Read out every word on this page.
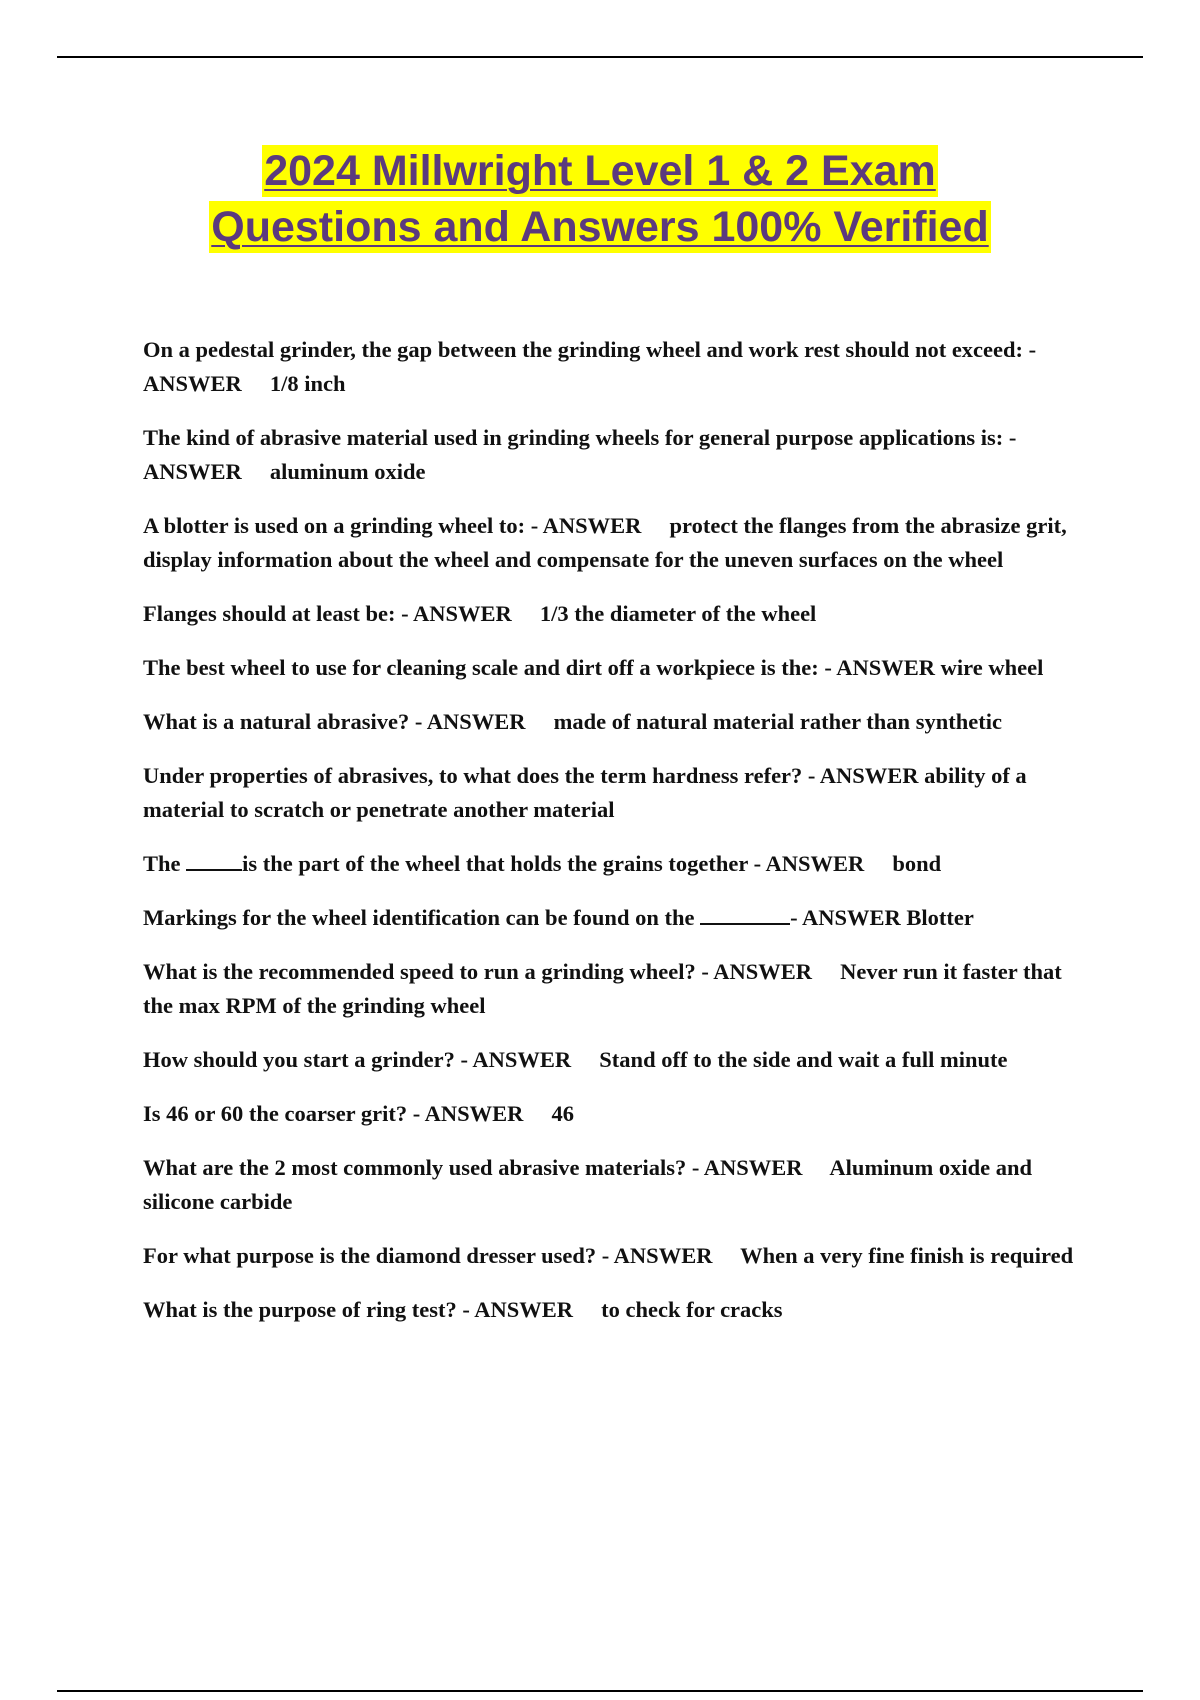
2024 Millwright Level 1 & 2 Exam
Questions and Answers 100% Verified
On a pedestal grinder, the gap between the grinding wheel and work rest should not exceed: - ANSWER     1/8 inch
The kind of abrasive material used in grinding wheels for general purpose applications is: - ANSWER     aluminum oxide
A blotter is used on a grinding wheel to: - ANSWER     protect the flanges from the abrasize grit, display information about the wheel and compensate for the uneven surfaces on the wheel
Flanges should at least be: - ANSWER     1/3 the diameter of the wheel
The best wheel to use for cleaning scale and dirt off a workpiece is the: - ANSWER wire wheel
What is a natural abrasive? - ANSWER     made of natural material rather than synthetic
Under properties of abrasives, to what does the term hardness refer? - ANSWER ability of a material to scratch or penetrate another material
The is the part of the wheel that holds the grains together - ANSWER     bond
Markings for the wheel identification can be found on the	- ANSWER Blotter
What is the recommended speed to run a grinding wheel? - ANSWER     Never run it faster that the max RPM of the grinding wheel
How should you start a grinder? - ANSWER     Stand off to the side and wait a full minute
Is 46 or 60 the coarser grit? - ANSWER     46
What are the 2 most commonly used abrasive materials? - ANSWER     Aluminum oxide and silicone carbide
For what purpose is the diamond dresser used? - ANSWER     When a very fine finish is required
What is the purpose of ring test? - ANSWER     to check for cracks
